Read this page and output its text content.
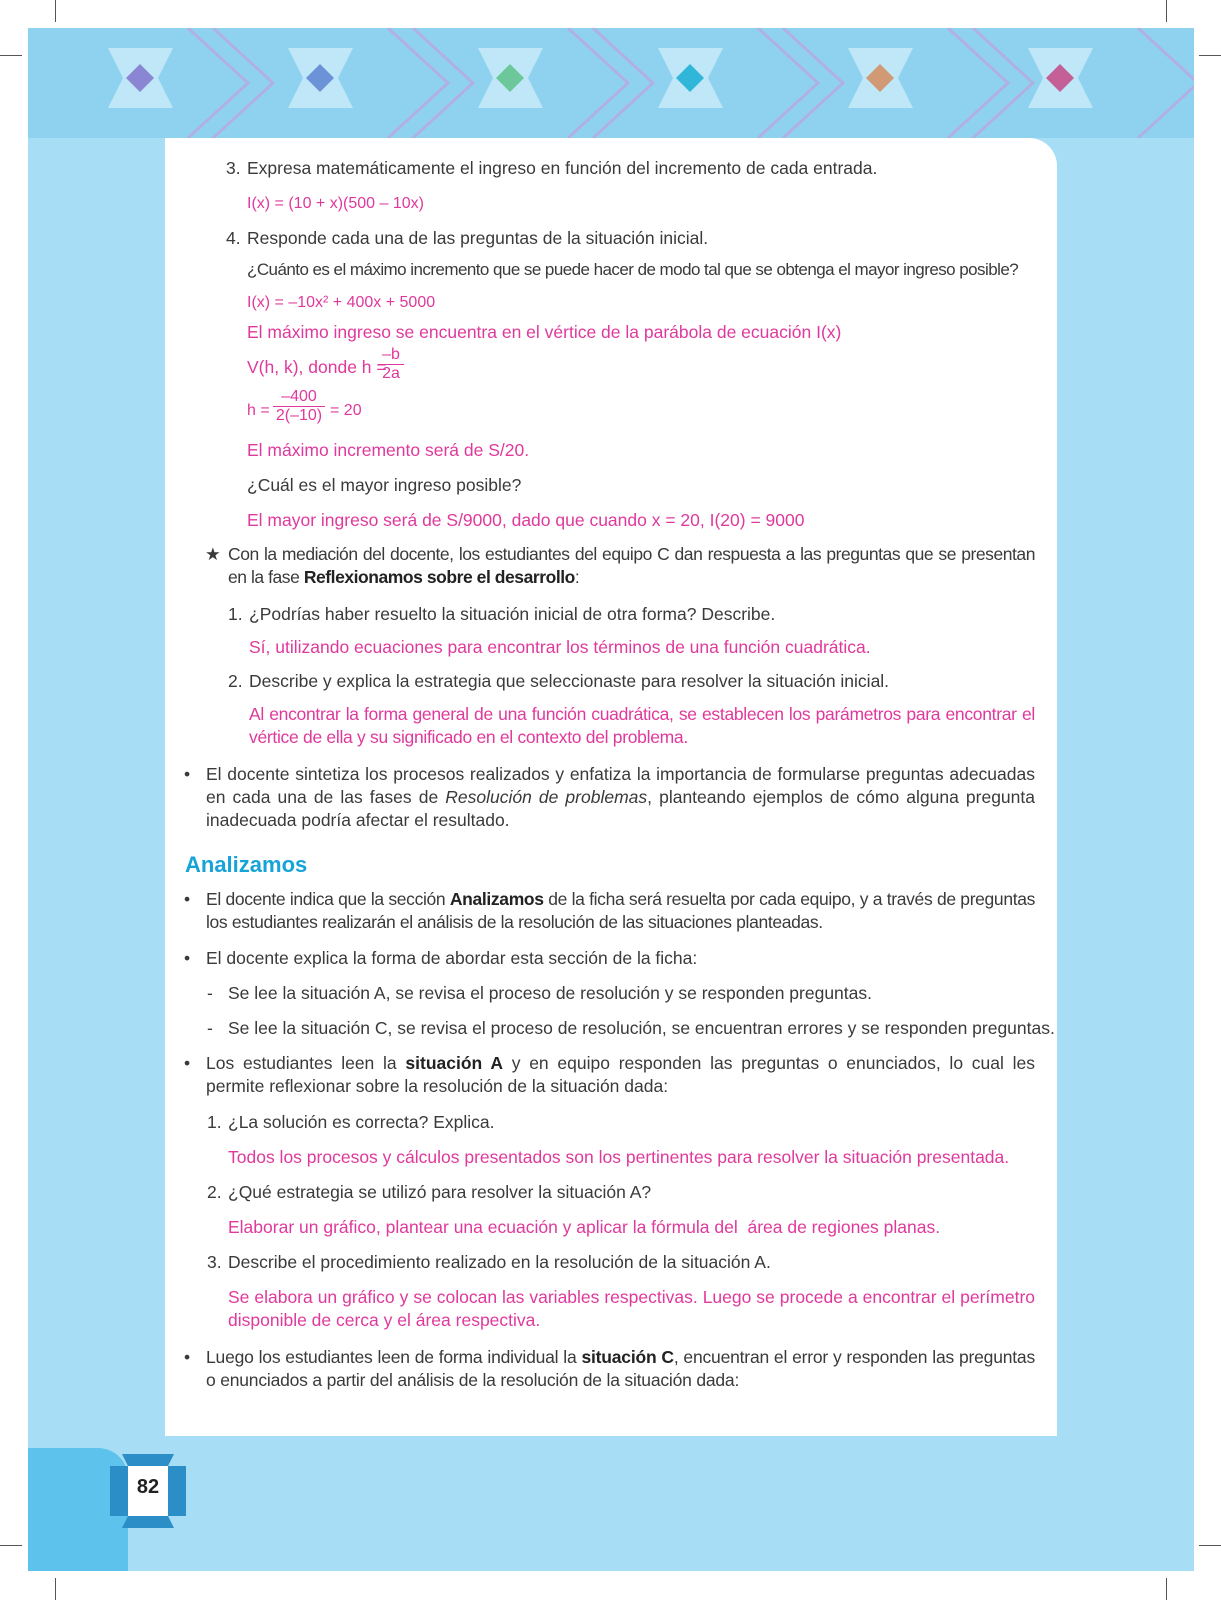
82
3. Expresa matemáticamente el ingreso en función del incremento de cada entrada.
I(x) = (10 + x)(500 – 10x)
4. Responde cada una de las preguntas de la situación inicial.
¿Cuánto es el máximo incremento que se puede hacer de modo tal que se obtenga el mayor ingreso posible?
I(x) = –10x² + 400x + 5000
El máximo ingreso se encuentra en el vértice de la parábola de ecuación I(x)
V(h, k), donde h =
$\frac{-b}{2a}$
$h = \frac{-400}{2(-10)} = 20$
El máximo incremento será de S/20.
¿Cuál es el mayor ingreso posible?
El mayor ingreso será de S/9000, dado que cuando x = 20, I(20) = 9000
★ Con la mediación del docente, los estudiantes del equipo C dan respuesta a las preguntas que se presentan en la fase Reflexionamos sobre el desarrollo:
1. ¿Podrías haber resuelto la situación inicial de otra forma? Describe.
Sí, utilizando ecuaciones para encontrar los términos de una función cuadrática.
2. Describe y explica la estrategia que seleccionaste para resolver la situación inicial.
Al encontrar la forma general de una función cuadrática, se establecen los parámetros para encontrar el vértice de ella y su significado en el contexto del problema.
• El docente sintetiza los procesos realizados y enfatiza la importancia de formularse preguntas adecuadas en cada una de las fases de Resolución de problemas, planteando ejemplos de cómo alguna pregunta inadecuada podría afectar el resultado.
Analizamos
• El docente indica que la sección Analizamos de la ficha será resuelta por cada equipo, y a través de preguntas los estudiantes realizarán el análisis de la resolución de las situaciones planteadas.
• El docente explica la forma de abordar esta sección de la ficha:
- Se lee la situación A, se revisa el proceso de resolución y se responden preguntas.
- Se lee la situación C, se revisa el proceso de resolución, se encuentran errores y se responden preguntas.
• Los estudiantes leen la situación A y en equipo responden las preguntas o enunciados, lo cual les permite reflexionar sobre la resolución de la situación dada:
1. ¿La solución es correcta? Explica.
Todos los procesos y cálculos presentados son los pertinentes para resolver la situación presentada.
2. ¿Qué estrategia se utilizó para resolver la situación A?
Elaborar un gráfico, plantear una ecuación y aplicar la fórmula del  área de regiones planas.
3. Describe el procedimiento realizado en la resolución de la situación A.
Se elabora un gráfico y se colocan las variables respectivas. Luego se procede a encontrar el perímetro disponible de cerca y el área respectiva.
• Luego los estudiantes leen de forma individual la situación C, encuentran el error y responden las preguntas o enunciados a partir del análisis de la resolución de la situación dada:
